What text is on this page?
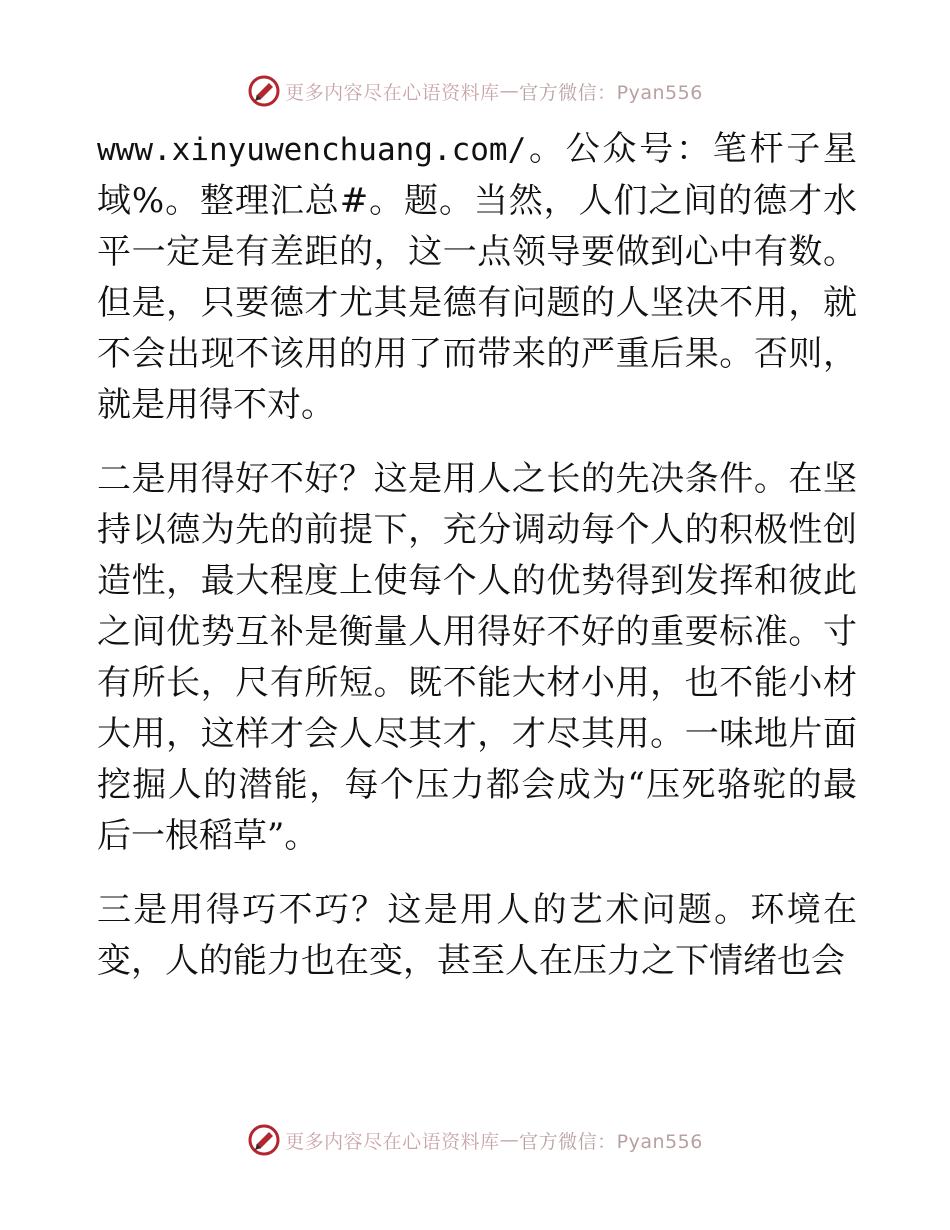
更多内容尽在心语资料库 — 官方微信：Pyan556

www.xinyuwenchuang.com/。公众号：笔杆子星域%。整理汇总#。题。当然，人们之间的德才水平一定是有差距的，这一点领导要做到心中有数。但是，只要德才尤其是德有问题的人坚决不用，就不会出现不该用的用了而带来的严重后果。否则，就是用得不对。

二是用得好不好？这是用人之长的先决条件。在坚持以德为先的前提下，充分调动每个人的积极性创造性，最大程度上使每个人的优势得到发挥和彼此之间优势互补是衡量人用得好不好的重要标准。寸有所长，尺有所短。既不能大材小用，也不能小材大用，这样才会人尽其才，才尽其用。一味地片面挖掘人的潜能，每个压力都会成为“压死骆驼的最后一根稻草”。

三是用得巧不巧？这是用人的艺术问题。环境在变，人的能力也在变，甚至人在压力之下情绪也会

更多内容尽在心语资料库 — 官方微信：Pyan556
